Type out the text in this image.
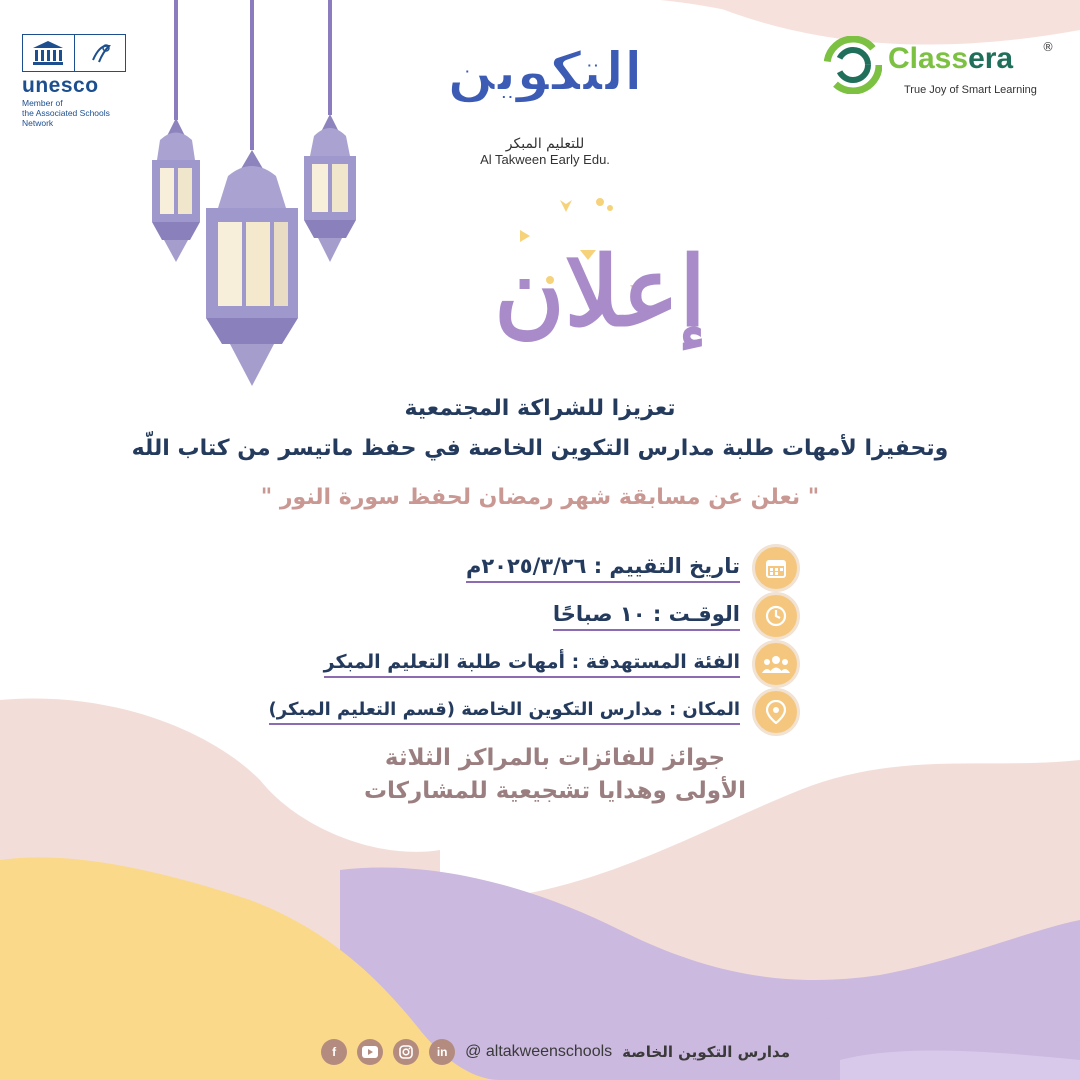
unesco
Member of
the Associated Schools
Network
التكوين
للتعليم المبكر
Al Takween Early Edu.
Classera ®
True Joy of Smart Learning
إعلان
تعزيزا للشراكة المجتمعية
وتحفيزا لأمهات طلبة مدارس التكوين الخاصة في حفظ ماتيسر من كتاب اللّه
" نعلن عن مسابقة شهر رمضان لحفظ سورة النور "
تاريخ التقييم : ٢٠٢٥/٣/٢٦م
الوقـت : ١٠ صباحًا
الفئة المستهدفة : أمهات طلبة التعليم المبكر
المكان : مدارس التكوين الخاصة (قسم التعليم المبكر)
جوائز للفائزات بالمراكز الثلاثة
الأولى وهدايا تشجيعية للمشاركات
مدارس التكوين الخاصة
@ altakweenschools
in
f
